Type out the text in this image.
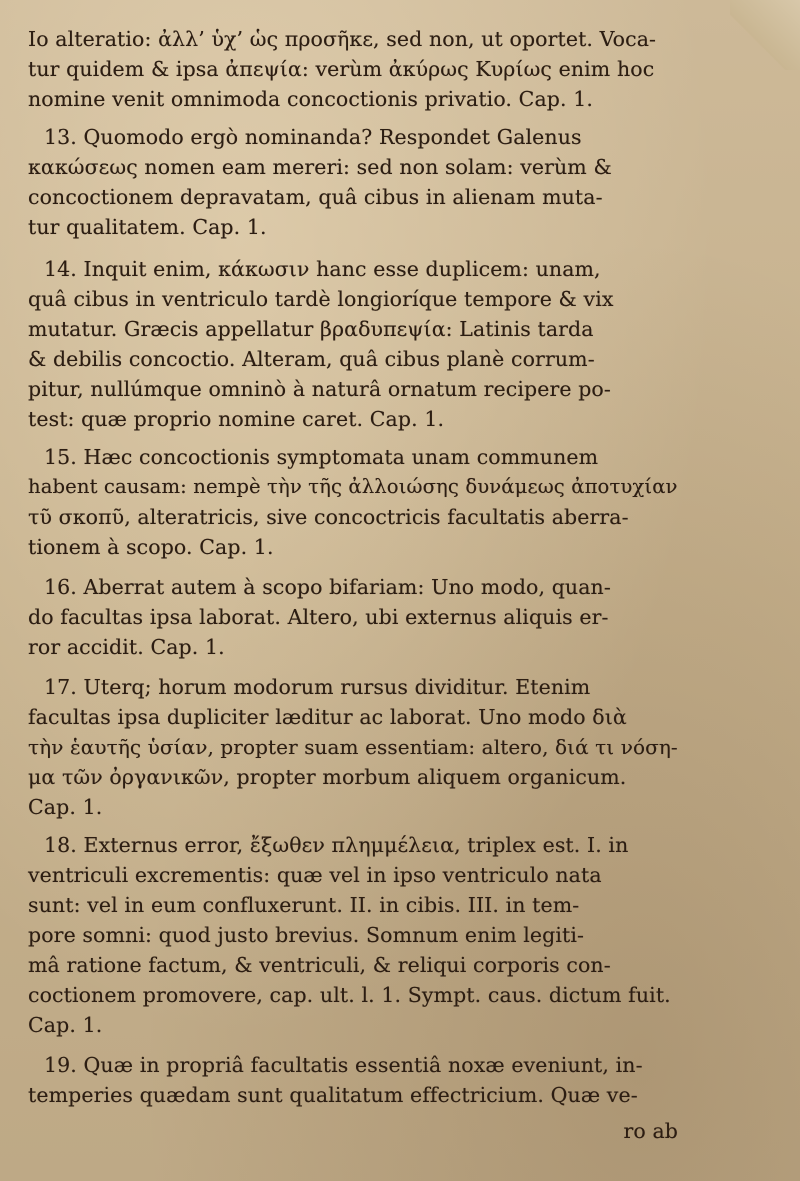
Io alteratio: ἀλλ’ ὑχ’ ὡς προσῆκε, sed non, ut oportet. Voca-
tur quidem & ipsa ἀπεψία: verùm ἀκύρως Κυρίως enim hoc
nomine venit omnimoda concoctionis privatio. Cap. 1.
13. Quomodo ergò nominanda? Respondet Galenus
κακώσεως nomen eam mereri: sed non solam: verùm &
concoctionem depravatam, quâ cibus in alienam muta-
tur qualitatem. Cap. 1.
14. Inquit enim, κάκωσιν hanc esse duplicem: unam,
quâ cibus in ventriculo tardè longioríque tempore & vix
mutatur. Græcis appellatur βραδυπεψία: Latinis tarda
& debilis concoctio. Alteram, quâ cibus planè corrum-
pitur, nullúmque omninò à naturâ ornatum recipere po-
test: quæ proprio nomine caret. Cap. 1.
15. Hæc concoctionis symptomata unam communem
habent causam: nempè τὴν τῆς ἀλλοιώσης δυνάμεως ἀποτυχίαν
τῦ σκοπῦ, alteratricis, sive concoctricis facultatis aberra-
tionem à scopo. Cap. 1.
16. Aberrat autem à scopo bifariam: Uno modo, quan-
do facultas ipsa laborat. Altero, ubi externus aliquis er-
ror accidit. Cap. 1.
17. Uterq; horum modorum rursus dividitur. Etenim
facultas ipsa dupliciter læditur ac laborat. Uno modo διὰ
τὴν ἑαυτῆς ὑσίαν, propter suam essentiam: altero, διά τι νόση-
μα τῶν ὀργανικῶν, propter morbum aliquem organicum.
Cap. 1.
18. Externus error, ἔξωθεν πλημμέλεια, triplex est. I. in
ventriculi excrementis: quæ vel in ipso ventriculo nata
sunt: vel in eum confluxerunt. II. in cibis. III. in tem-
pore somni: quod justo brevius. Somnum enim legiti-
mâ ratione factum, & ventriculi, & reliqui corporis con-
coctionem promovere, cap. ult. l. 1. Sympt. caus. dictum fuit.
Cap. 1.
19. Quæ in propriâ facultatis essentiâ noxæ eveniunt, in-
temperies quædam sunt qualitatum effectricium. Quæ ve-
ro ab
